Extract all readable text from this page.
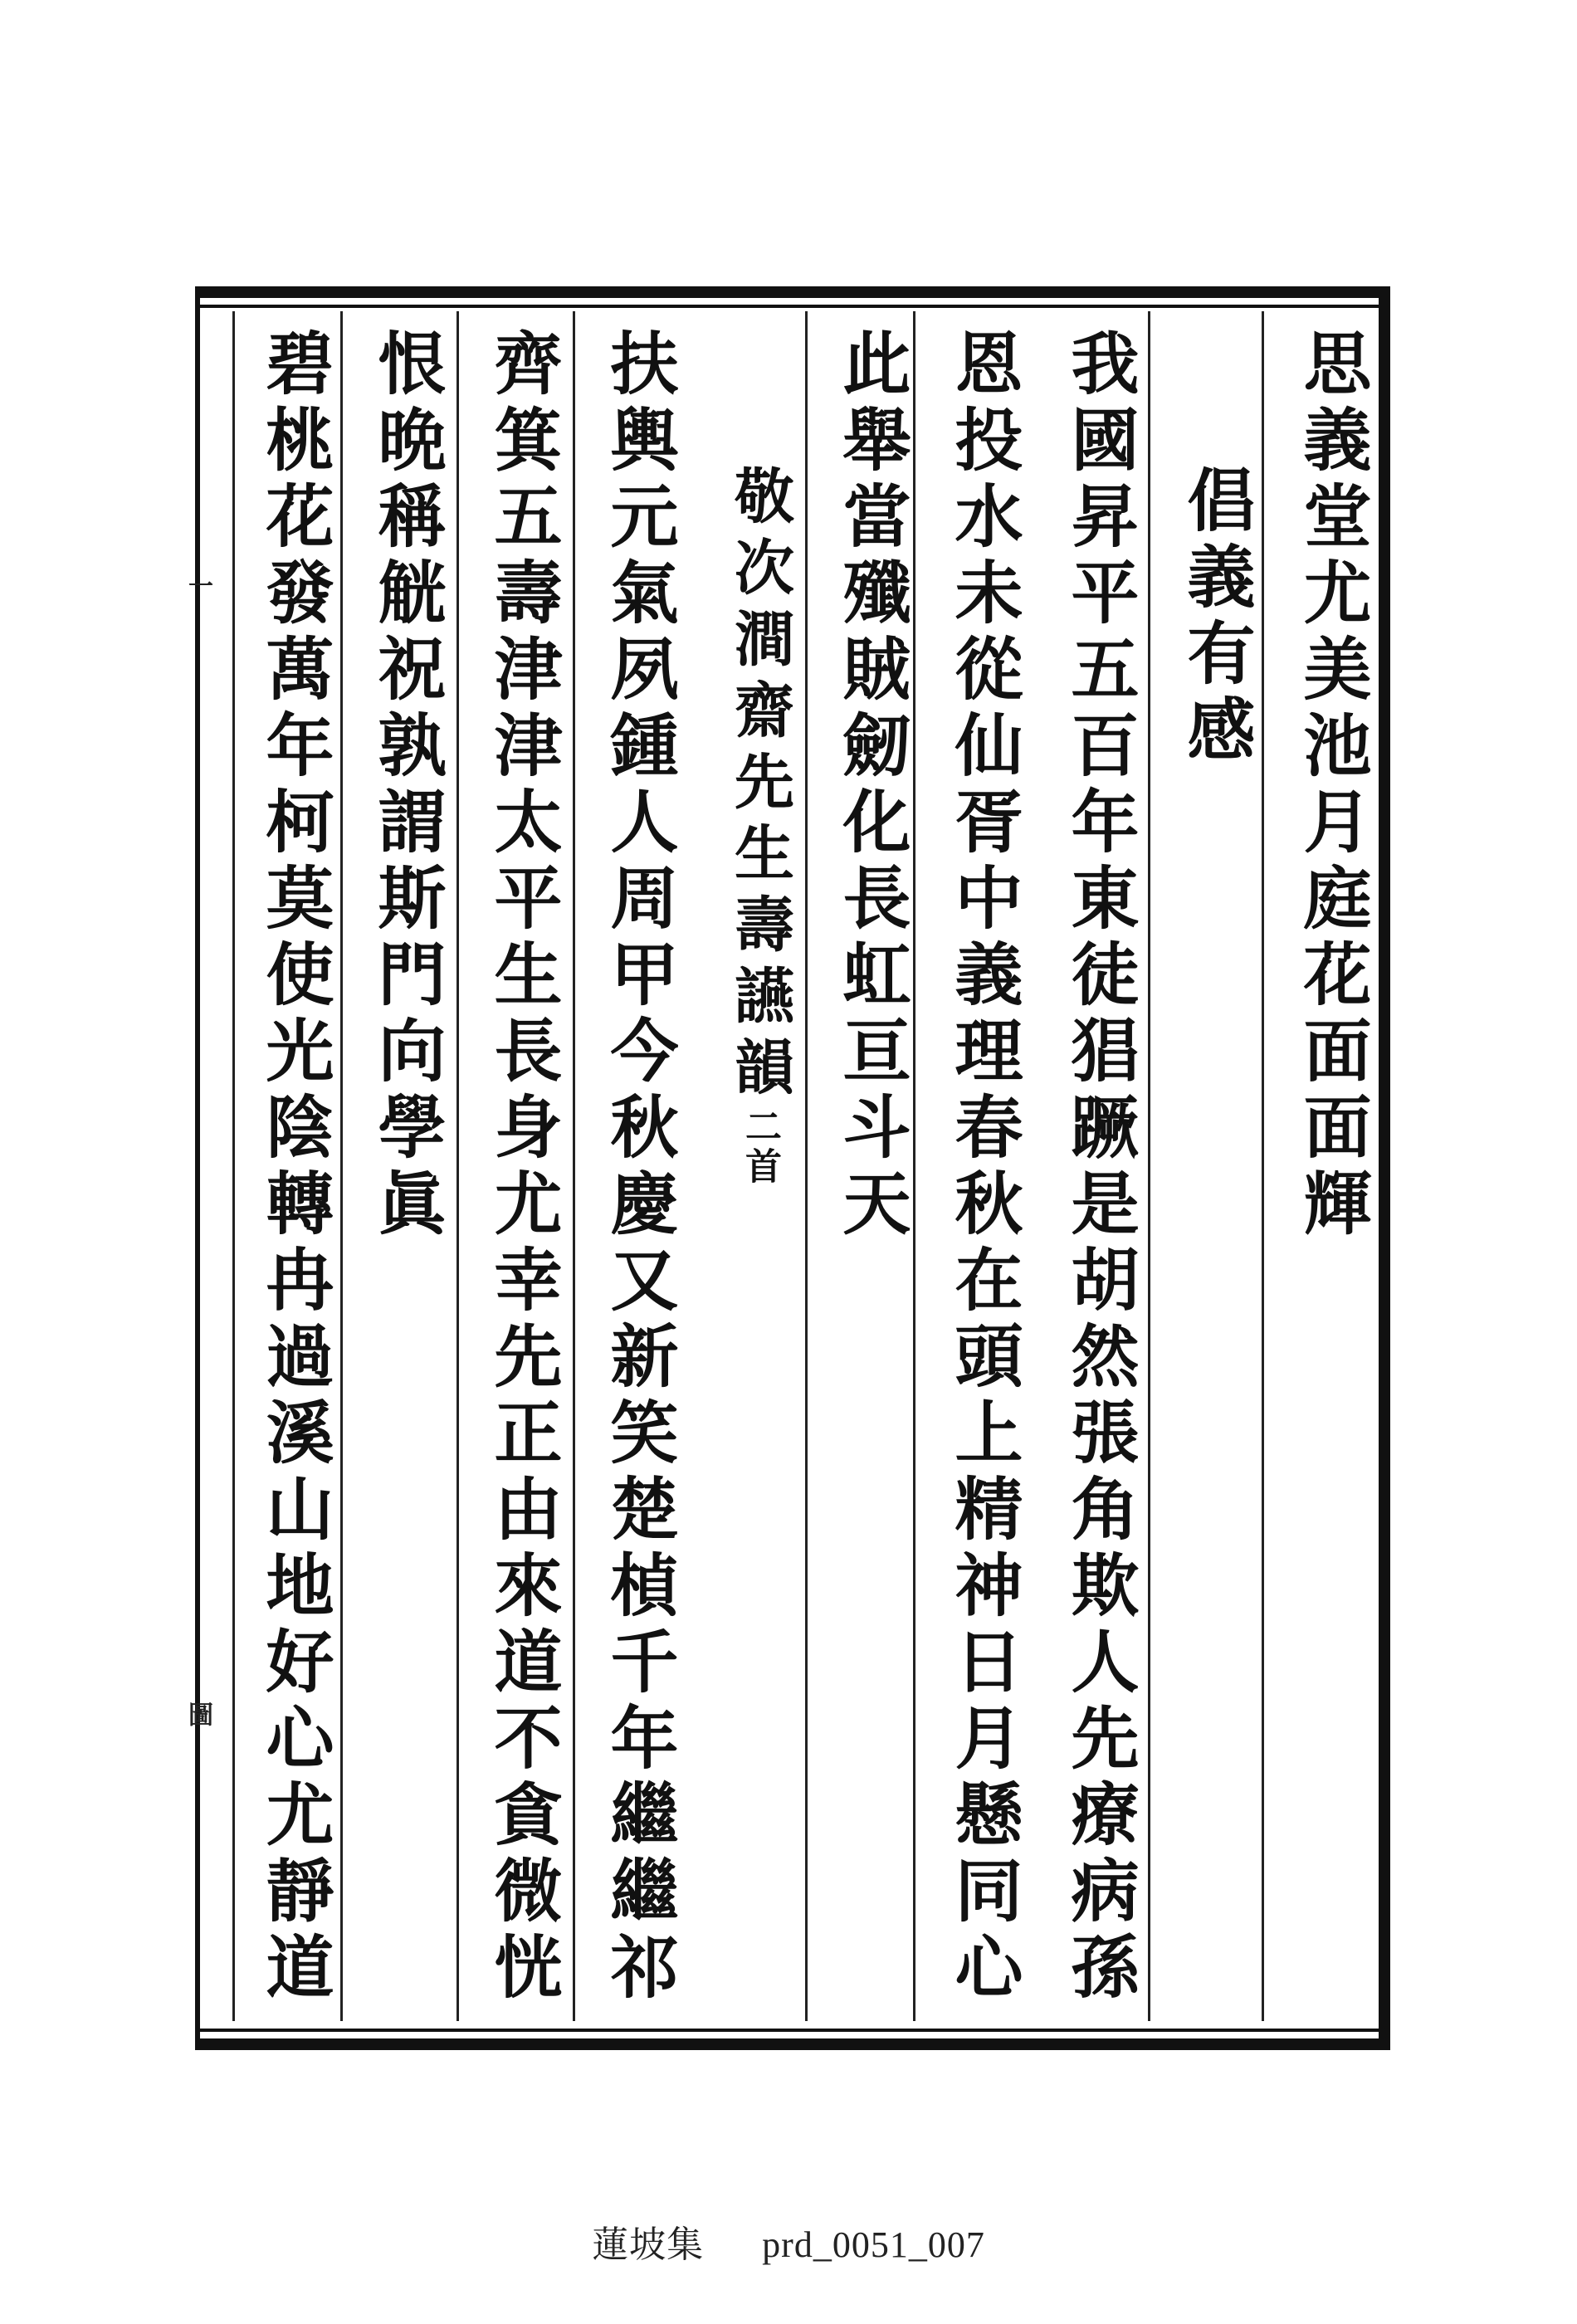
思義堂尤美池月庭花面面輝
倡義有感
我國昇平五百年東徒猖蹶是胡然張角欺人先療病孫
恩投水未從仙胥中義理春秋在頭上精神日月懸同心
此舉當殲賊劒化長虹亘斗天
敬次澗齋先生壽讌韻二首
扶輿元氣夙鍾人周甲今秋慶又新笑楚楨千年繼繼祁
齊箕五壽津津太平生長身尤幸先正由來道不貪微恍
恨晩稱觥祝孰謂斯門向學眞
碧桃花發萬年柯莫使光陰轉冉過溪山地好心尤靜道
一
圖
蓮坡集 prd_0051_007
